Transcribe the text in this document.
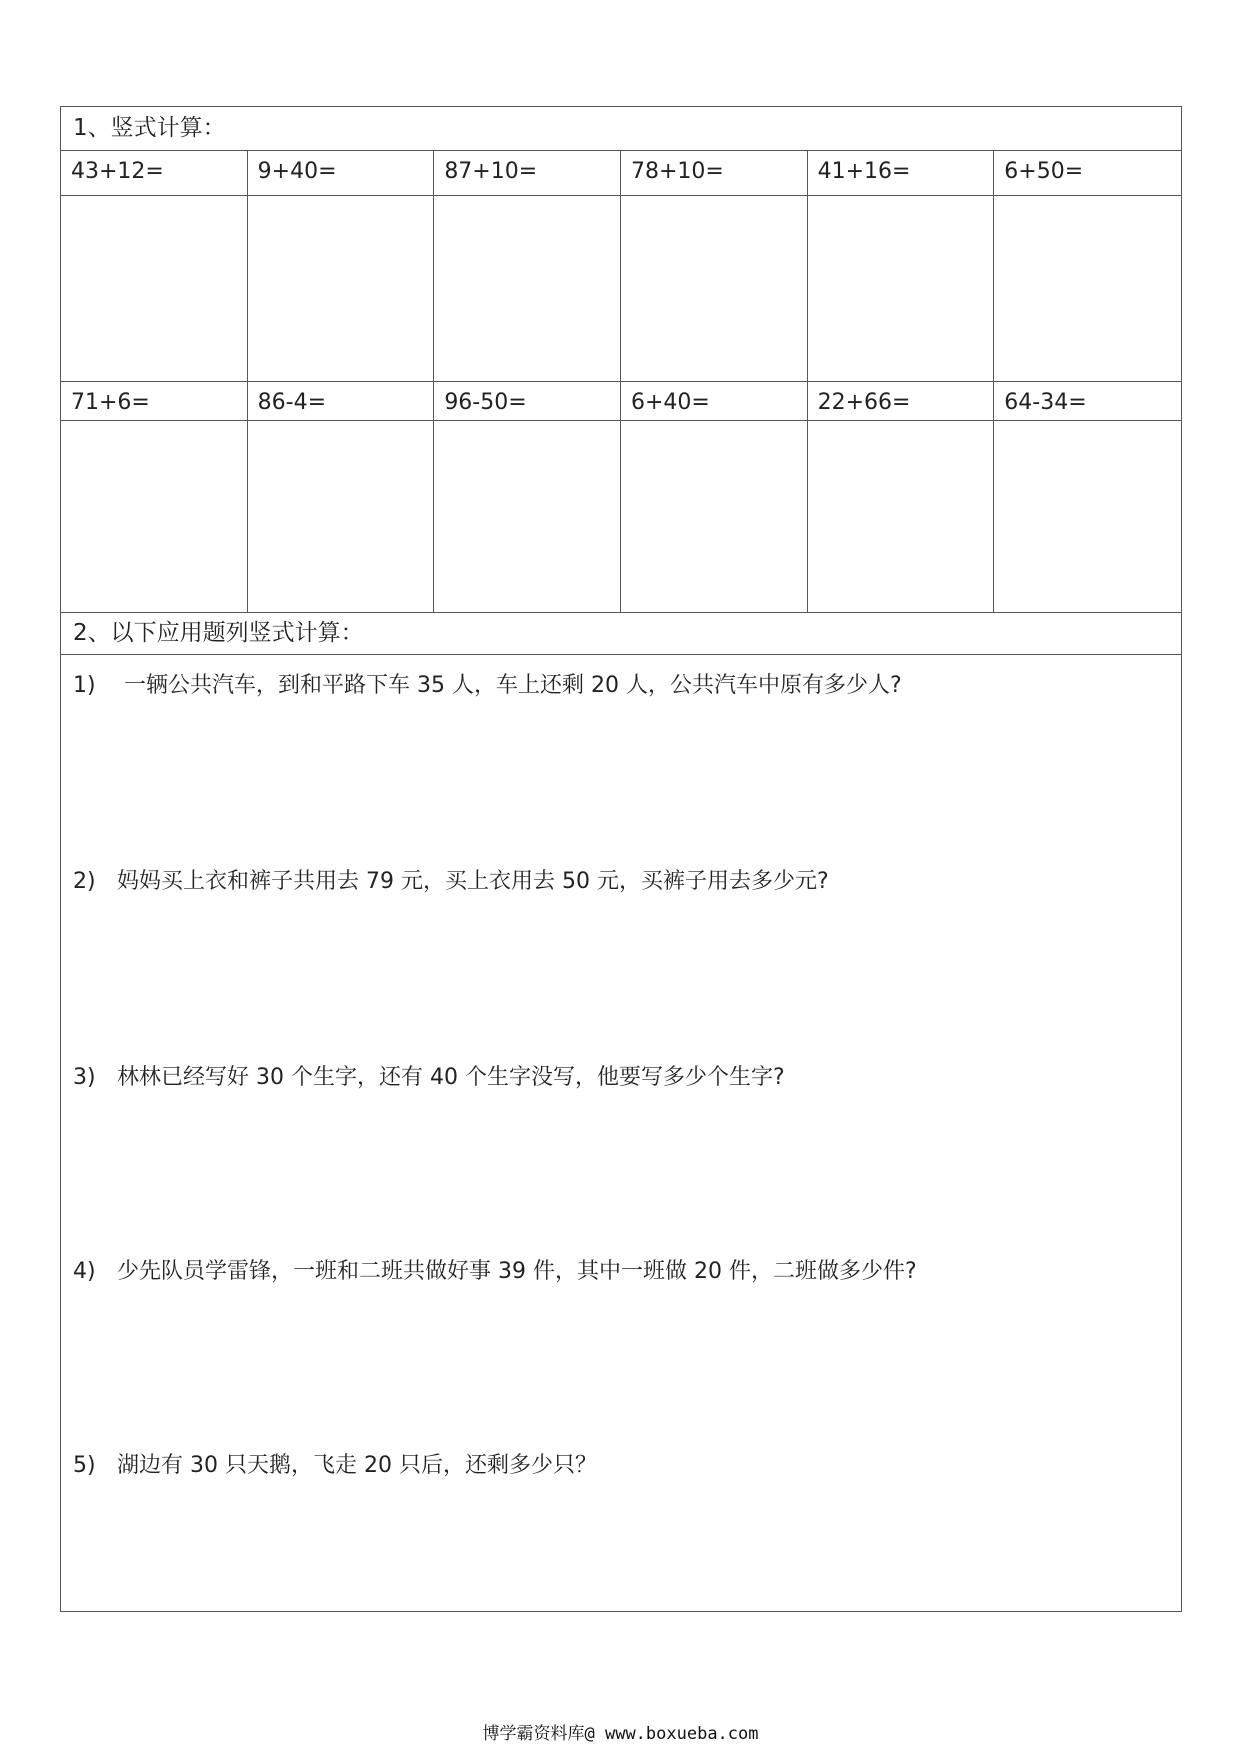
1、竖式计算：
43+12=	9+40=	87+10=	78+10=	41+16=	6+50=
71+6=	86-4=	96-50=	6+40=	22+66=	64-34=
2、以下应用题列竖式计算：
1) 一辆公共汽车，到和平路下车 35 人，车上还剩 20 人，公共汽车中原有多少人?
2) 妈妈买上衣和裤子共用去 79 元，买上衣用去 50 元，买裤子用去多少元?
3) 林林已经写好 30 个生字，还有 40 个生字没写，他要写多少个生字?
4) 少先队员学雷锋，一班和二班共做好事 39 件，其中一班做 20 件，二班做多少件?
5) 湖边有 30 只天鹅，飞走 20 只后，还剩多少只？
博学霸资料库@ www.boxueba.com
